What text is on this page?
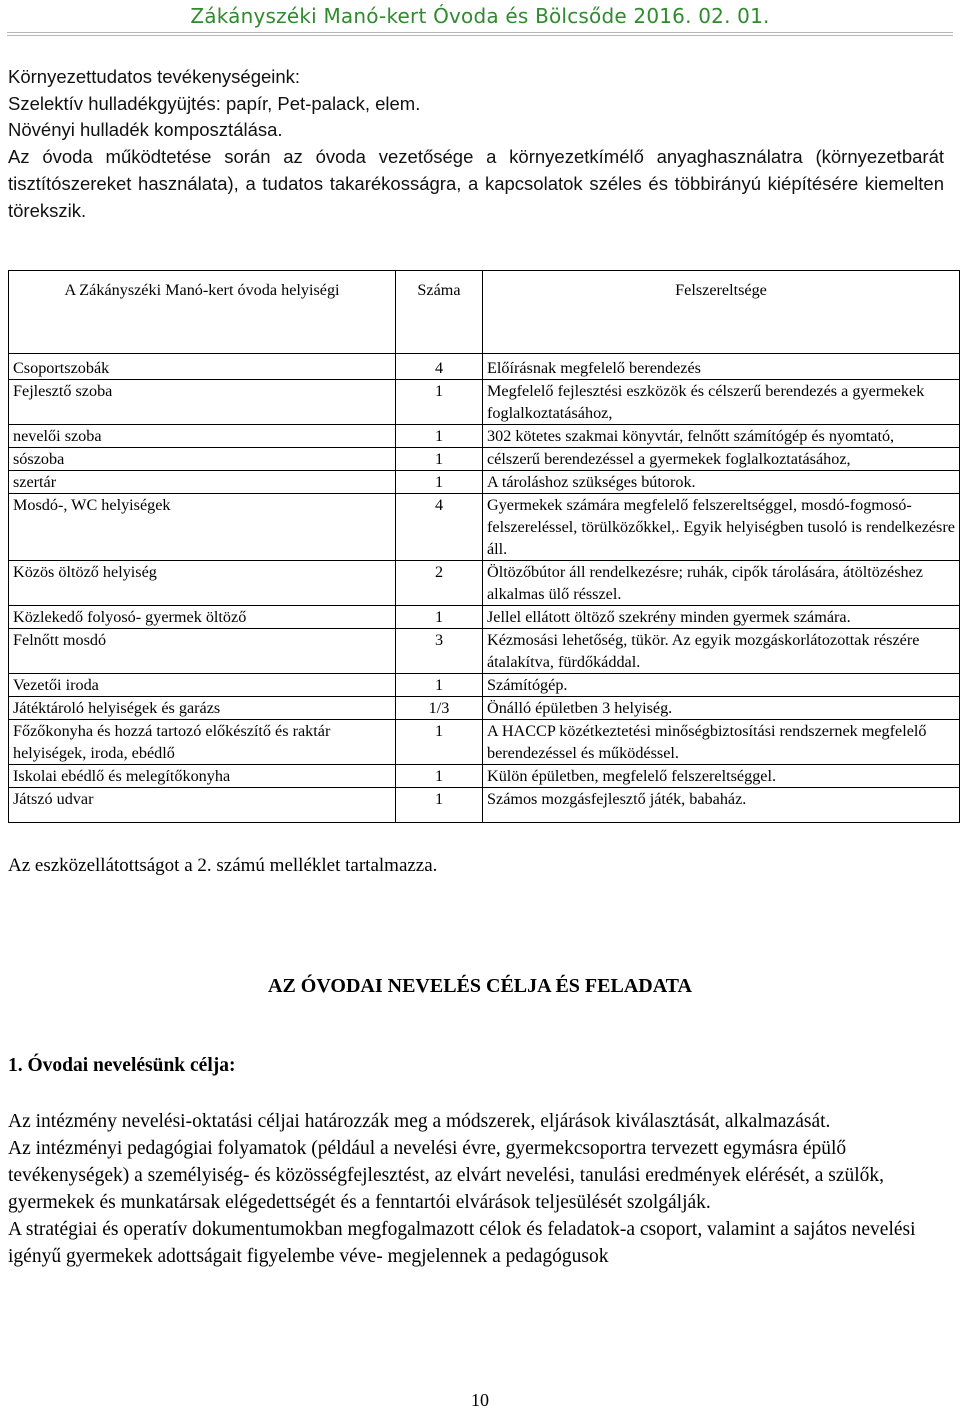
Zákányszéki Manó-kert Óvoda és Bölcsőde 2016. 02. 01.

Környezettudatos tevékenységeink:

Szelektív hulladékgyüjtés: papír, Pet-palack, elem.

Növényi hulladék komposztálása.

Az óvoda működtetése során az óvoda vezetősége a környezetkímélő anyaghasználatra (környezetbarát tisztítószereket használata), a tudatos takarékosságra, a kapcsolatok széles és többirányú kiépítésére kiemelten törekszik.

A Zákányszéki Manó-kert óvoda helyiségi	Száma	Felszereltsége
Csoportszobák	4	Előírásnak megfelelő berendezés
Fejlesztő szoba	1	Megfelelő fejlesztési eszközök és célszerű berendezés a gyermekek foglalkoztatásához,
nevelői szoba	1	302 kötetes szakmai könyvtár, felnőtt számítógép és nyomtató,
sószoba	1	célszerű berendezéssel a gyermekek foglalkoztatásához,
szertár	1	A tároláshoz szükséges bútorok.
Mosdó-, WC helyiségek	4	Gyermekek számára megfelelő felszereltséggel, mosdó-fogmosó- felszereléssel, törülközőkkel,. Egyik helyiségben tusoló is rendelkezésre áll.
Közös öltöző helyiség	2	Öltözőbútor áll rendelkezésre; ruhák, cipők tárolására, átöltözéshez alkalmas ülő résszel.
Közlekedő folyosó- gyermek öltöző	1	Jellel ellátott öltöző szekrény minden gyermek számára.
Felnőtt mosdó	3	Kézmosási lehetőség, tükör. Az egyik mozgáskorlátozottak részére átalakítva, fürdőkáddal.
Vezetői iroda	1	Számítógép.
Játéktároló helyiségek és garázs	1/3	Önálló épületben 3 helyiség.
Főzőkonyha és hozzá tartozó előkészítő és raktár helyiségek, iroda, ebédlő	1	A HACCP közétkeztetési minőségbiztosítási rendszernek megfelelő berendezéssel és működéssel.
Iskolai ebédlő és melegítőkonyha	1	Külön épületben, megfelelő felszereltséggel.
Játszó udvar	1	Számos mozgásfejlesztő játék, babaház.
Az eszközellátottságot a 2. számú melléklet tartalmazza.
AZ ÓVODAI NEVELÉS CÉLJA ÉS FELADATA
1. Óvodai nevelésünk célja:

Az intézmény nevelési-oktatási céljai határozzák meg a módszerek, eljárások kiválasztását, alkalmazását.

Az intézményi pedagógiai folyamatok (például a nevelési évre, gyermekcsoportra tervezett egymásra épülő tevékenységek) a személyiség- és közösségfejlesztést, az elvárt nevelési, tanulási eredmények elérését, a szülők, gyermekek és munkatársak elégedettségét és a fenntartói elvárások teljesülését szolgálják.

A stratégiai és operatív dokumentumokban megfogalmazott célok és feladatok-a csoport, valamint a sajátos nevelési igényű gyermekek adottságait figyelembe véve- megjelennek a pedagógusok

10
